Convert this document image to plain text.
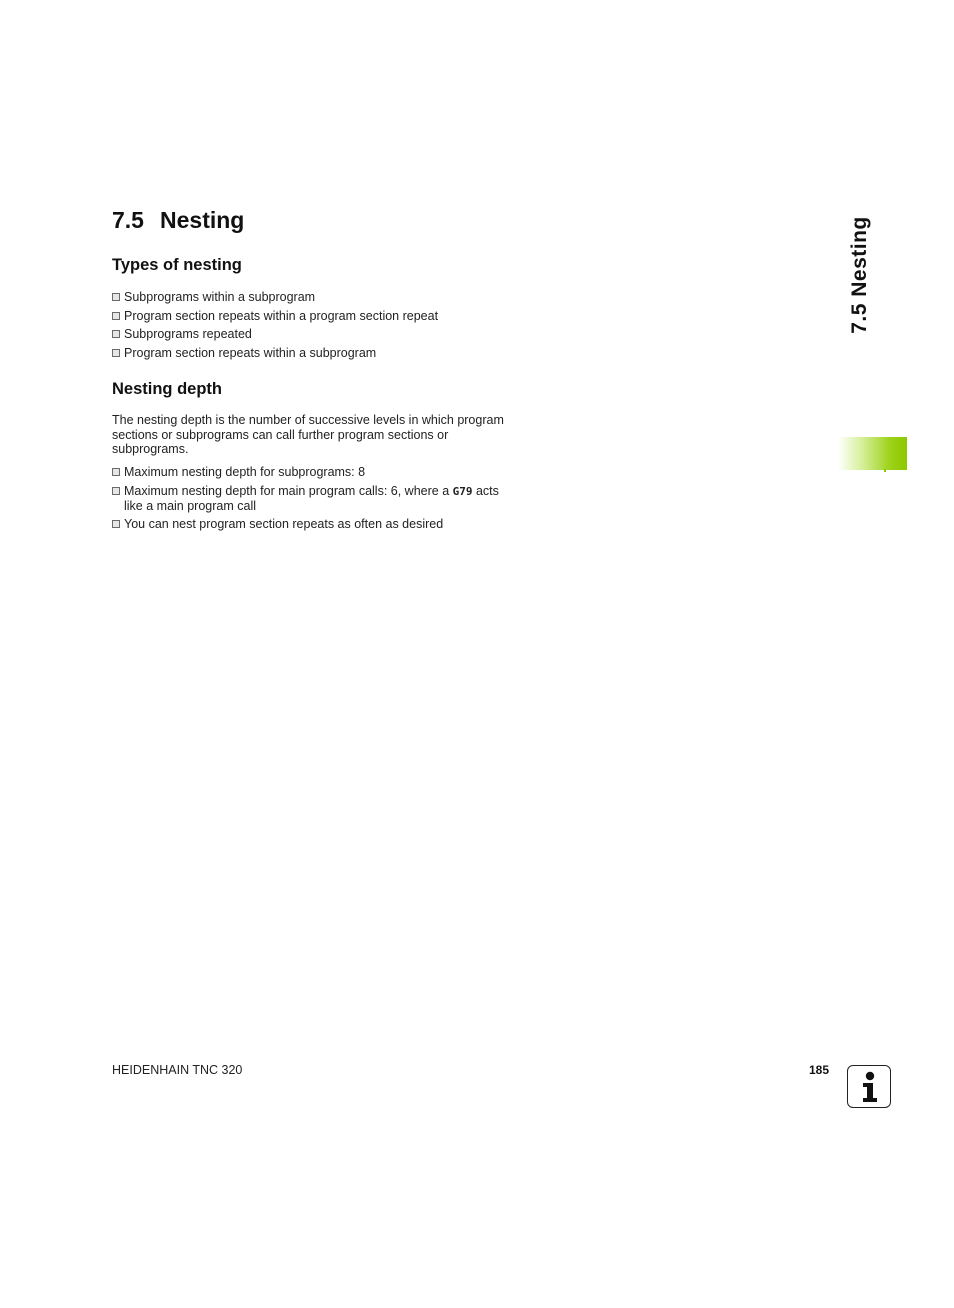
7.5 Nesting
Types of nesting
Subprograms within a subprogram
Program section repeats within a program section repeat
Subprograms repeated
Program section repeats within a subprogram
Nesting depth

The nesting depth is the number of successive levels in which program sections or subprograms can call further program sections or subprograms.

Maximum nesting depth for subprograms: 8
Maximum nesting depth for main program calls: 6, where a G79 acts like a main program call
You can nest program section repeats as often as desired
7.5 Nesting
HEIDENHAIN TNC 320	185
